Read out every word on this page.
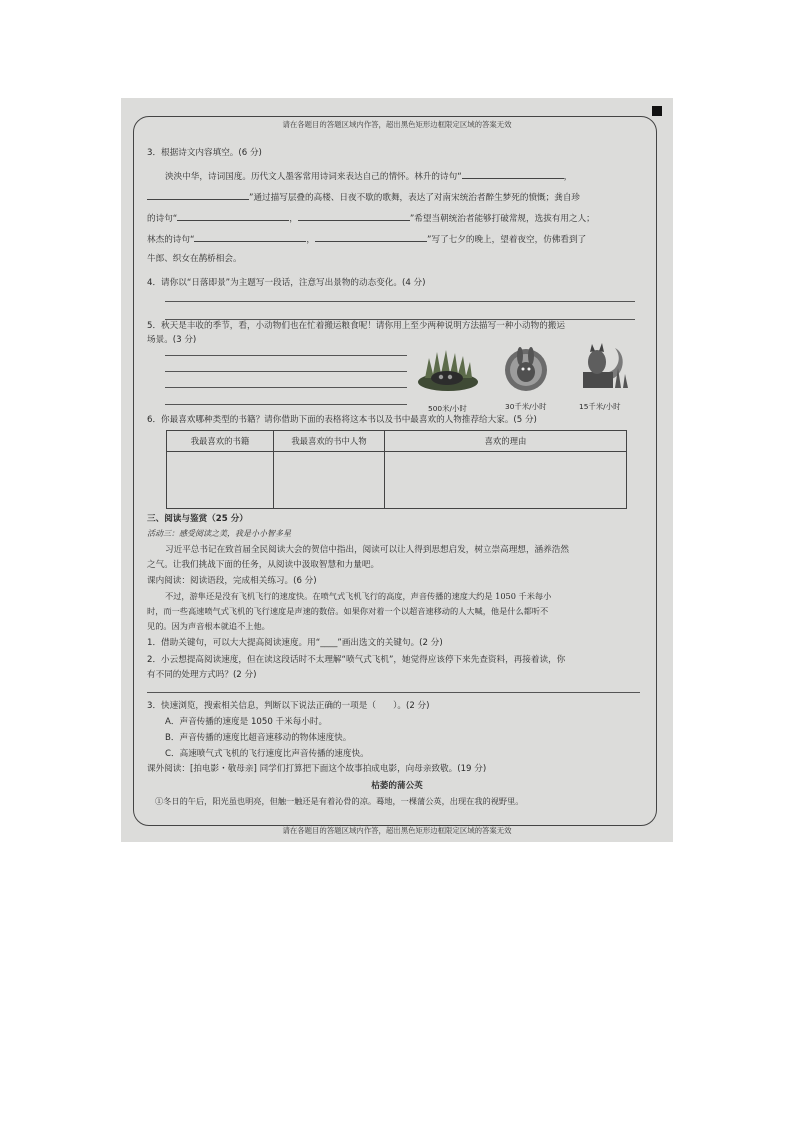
请在各题目的答题区域内作答，超出黑色矩形边框限定区域的答案无效
3．根据诗文内容填空。(6 分)
泱泱中华，诗词国度。历代文人墨客常用诗词来表达自己的情怀。林升的诗句“	，
”通过描写层叠的高楼、日夜不歇的歌舞，表达了对南宋统治者醉生梦死的愤慨；龚自珍
的诗句“	，	”希望当朝统治者能够打破常规，选拔有用之人；
林杰的诗句“	，	”写了七夕的晚上，望着夜空，仿佛看到了
牛郎、织女在鹊桥相会。
4．请你以“日落即景”为主题写一段话，注意写出景物的动态变化。(4 分)
5．秋天是丰收的季节，看，小动物们也在忙着搬运粮食呢！请你用上至少两种说明方法描写一种小动物的搬运
场景。(3 分)
500米/小时	30千米/小时	15千米/小时
6．你最喜欢哪种类型的书籍？请你借助下面的表格将这本书以及书中最喜欢的人物推荐给大家。(5 分)
我最喜欢的书籍	我最喜欢的书中人物	喜欢的理由

三、阅读与鉴赏（25 分）
活动三：感受阅读之美，我是小小智多星
习近平总书记在致首届全民阅读大会的贺信中指出，阅读可以让人得到思想启发，树立崇高理想，涵养浩然
之气。让我们挑战下面的任务，从阅读中汲取智慧和力量吧。
课内阅读：阅读语段，完成相关练习。(6 分)
不过，游隼还是没有飞机飞行的速度快。在喷气式飞机飞行的高度，声音传播的速度大约是 1050 千米每小
时，而一些高速喷气式飞机的飞行速度是声速的数倍。如果你对着一个以超音速移动的人大喊，他是什么都听不
见的。因为声音根本就追不上他。
1．借助关键句，可以大大提高阅读速度。用“____”画出选文的关键句。(2 分)
2．小云想提高阅读速度，但在读这段话时不太理解“喷气式飞机”，她觉得应该停下来先查资料，再接着读，你
有不同的处理方式吗？(2 分)
3．快速浏览，搜索相关信息，判断以下说法正确的一项是（　　）。(2 分)
A．声音传播的速度是 1050 千米每小时。
B．声音传播的速度比超音速移动的物体速度快。
C．高速喷气式飞机的飞行速度比声音传播的速度快。
课外阅读：[拍电影・敬母亲] 同学们打算把下面这个故事拍成电影，向母亲致敬。(19 分)
枯萎的蒲公英
①冬日的午后，阳光虽也明亮，但触一触还是有着沁骨的凉。蓦地，一棵蒲公英，出现在我的视野里。
请在各题目的答题区域内作答，超出黑色矩形边框限定区域的答案无效
